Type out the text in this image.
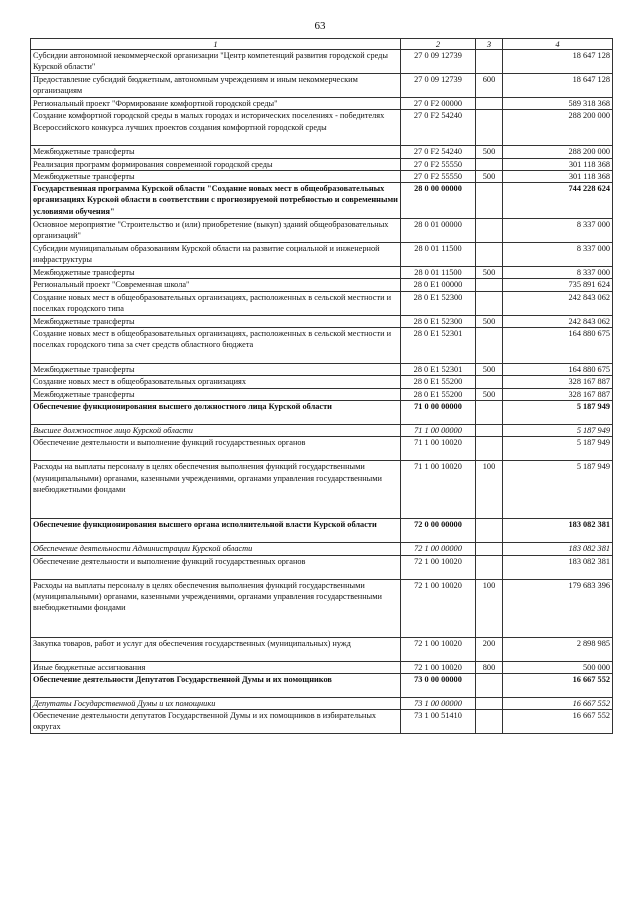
63
1	2	3	4
Субсидии автономной некоммерческой организации "Центр компетенций развития городской среды Курской области"	27 0 09 12739		18 647 128
Предоставление субсидий бюджетным, автономным учреждениям и иным некоммерческим организациям	27 0 09 12739	600	18 647 128
Региональный проект "Формирование комфортной городской среды"	27 0 F2 00000		589 318 368
Создание комфортной городской среды в малых городах и исторических поселениях - победителях Всероссийского конкурса лучших проектов создания комфортной городской среды	27 0 F2 54240		288 200 000
Межбюджетные трансферты	27 0 F2 54240	500	288 200 000
Реализация программ формирования современной городской среды	27 0 F2 55550		301 118 368
Межбюджетные трансферты	27 0 F2 55550	500	301 118 368
Государственная программа Курской области "Создание новых мест в общеобразовательных организациях Курской области в соответствии с прогнозируемой потребностью и современными условиями обучения"	28 0 00 00000		744 228 624
Основное мероприятие "Строительство и (или) приобретение (выкуп) зданий общеобразовательных организаций"	28 0 01 00000		8 337 000
Субсидии муниципальным образованиям Курской области на развитие социальной и инженерной инфраструктуры	28 0 01 11500		8 337 000
Межбюджетные трансферты	28 0 01 11500	500	8 337 000
Региональный проект "Современная школа"	28 0 E1 00000		735 891 624
Создание новых мест в общеобразовательных организациях, расположенных в сельской местности и поселках городского типа	28 0 E1 52300		242 843 062
Межбюджетные трансферты	28 0 E1 52300	500	242 843 062
Создание новых мест в общеобразовательных организациях, расположенных в сельской местности и поселках городского типа за счет средств областного бюджета	28 0 E1 52301		164 880 675
Межбюджетные трансферты	28 0 E1 52301	500	164 880 675
Создание новых мест в общеобразовательных организациях	28 0 E1 55200		328 167 887
Межбюджетные трансферты	28 0 E1 55200	500	328 167 887
Обеспечение функционирования высшего должностного лица Курской области	71 0 00 00000		5 187 949
Высшее должностное лицо Курской области	71 1 00 00000		5 187 949
Обеспечение деятельности и выполнение функций государственных органов	71 1 00 10020		5 187 949
Расходы на выплаты персоналу в целях обеспечения выполнения функций государственными (муниципальными) органами, казенными учреждениями, органами управления государственными внебюджетными фондами	71 1 00 10020	100	5 187 949
Обеспечение функционирования высшего органа исполнительной власти Курской области	72 0 00 00000		183 082 381
Обеспечение деятельности Администрации Курской области	72 1 00 00000		183 082 381
Обеспечение деятельности и выполнение функций государственных органов	72 1 00 10020		183 082 381
Расходы на выплаты персоналу в целях обеспечения выполнения функций государственными (муниципальными) органами, казенными учреждениями, органами управления государственными внебюджетными фондами	72 1 00 10020	100	179 683 396
Закупка товаров, работ и услуг для обеспечения государственных (муниципальных) нужд	72 1 00 10020	200	2 898 985
Иные бюджетные ассигнования	72 1 00 10020	800	500 000
Обеспечение деятельности Депутатов Государственной Думы и их помощников	73 0 00 00000		16 667 552
Депутаты Государственной Думы и их помощники	73 1 00 00000		16 667 552
Обеспечение деятельности депутатов Государственной Думы и их помощников в избирательных округах	73 1 00 51410		16 667 552
